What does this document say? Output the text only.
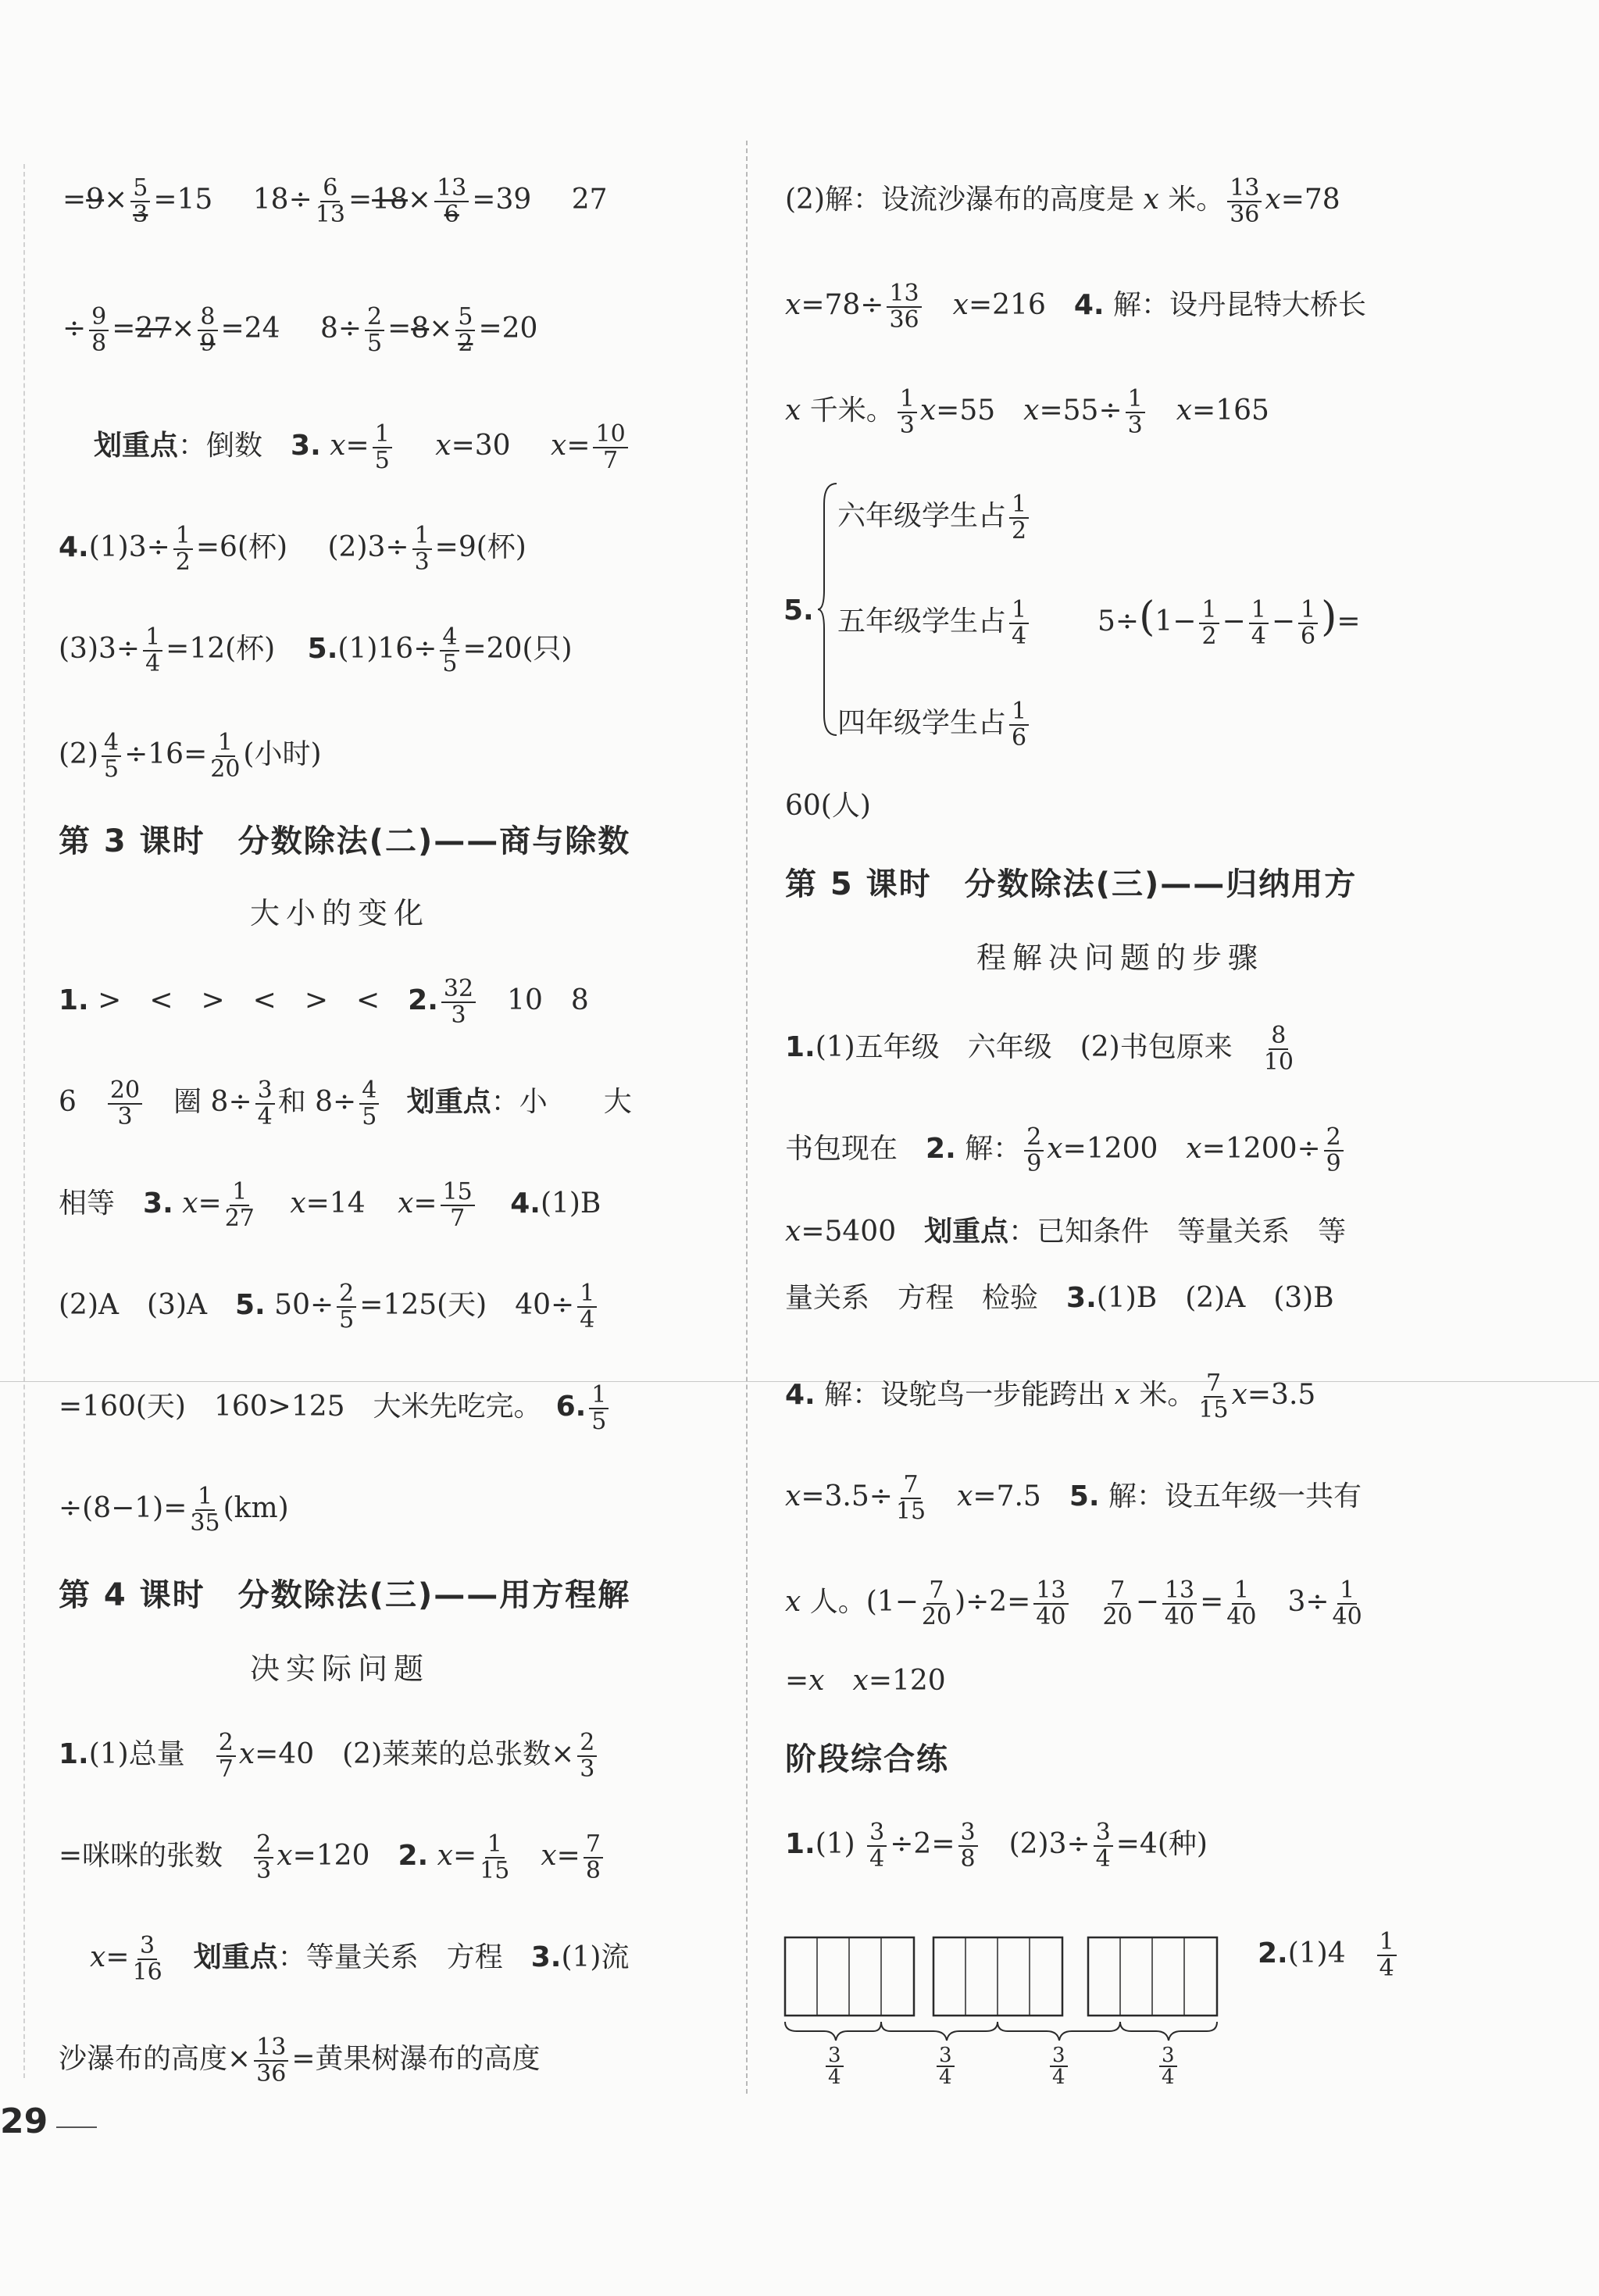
$=9\times \frac{5}{3} =15$ $18\div \frac{6}{13} =18\times \frac{13}{6} =39$ 27
÷ $\frac{9}{8} =27\times \frac{8}{9} =24$ $8\div \frac{2}{5} =8\times \frac{5}{2} =20$
划重点：倒数　3. $x= \frac{1}{5} x=30$ $x= \frac{10}{7}$
$4.(1)3\div \frac{1}{2} =6$(杯) $(2)3\div \frac{1}{3} =9$(杯)
$(3)3\div \frac{1}{4} =12$(杯) $5.(1)16\div \frac{4}{5} =20$(只)
$(2) \frac{4}{5} \div 16= \frac{1}{20}$ (小时)
第 3 课时　分数除法(二)——商与除数
大小的变化
1. >　<　>　<　>　<　2. $\frac{32}{3}$ 　10　8
6　 $\frac{20}{3}$ 　圈 $8\div \frac{3}{4}$ 和 $8\div \frac{4}{5}$ 划重点：小　　大
相等　3. $x= \frac{1}{27} x=14$ $x= \frac{15}{7} 4.(1)B$
(2)A　(3)A　5. $50\div \frac{2}{5} =125$(天)　$40\div \frac{1}{4}$
=160(天)　160>125　大米先吃完。　6. $\frac{1}{5}$
$\div(8-1)= \frac{1}{35} (km)$
第 4 课时　分数除法(三)——用方程解
决实际问题
1.(1)总量　 $\frac{2}{7} x=40$　(2)莱莱的总张数× $\frac{2}{3}$
=咪咪的张数　 $\frac{2}{3} x=120$　2. $x= \frac{1}{15}$
　 $x= \frac{7}{8}$
$x= \frac{3}{16}$
　 划重点：等量关系　方程　3.(1)流
沙瀑布的高度× $\frac{13}{36}$ =黄果树瀑布的高度
(2)解：设流沙瀑布的高度是 x 米。 $\frac{13}{36} x=78$
$x=78\div \frac{13}{36}$
　 x=216　4. 解：设丹昆特大桥长
x 千米。 $\frac{1}{3} x=55$　$x=55\div \frac{1}{3}$
　 x=165
5.
六年级学生占 $\frac{1}{2}$
五年级学生占 $\frac{1}{4}$
四年级学生占 $\frac{1}{6}$
$5\div(1- \frac{1}{2} - \frac{1}{4} - \frac{1}{6}$ )=
60(人)
第 5 课时　分数除法(三)——归纳用方
程解决问题的步骤
1.(1)五年级　六年级　(2)书包原来　 $\frac{8}{10}$
书包现在　2. 解： $\frac{2}{9} x=1200$　$x=1200\div \frac{2}{9}$
x=5400　划重点：已知条件　等量关系　等
量关系　方程　检验　3.(1)B　(2)A　(3)B
4. 解：设鸵鸟一步能跨出 x 米。 $\frac{7}{15} x=3.5$
$x=3.5\div \frac{7}{15}$
　 x=7.5　5. 解：设五年级一共有
x 人。$(1- \frac{7}{20} )\div 2= \frac{13}{40}$
　 $\frac{7}{20} - \frac{13}{40} = \frac{1}{40}$ 　$3\div \frac{1}{40}$
=x　 x=120
阶段综合练
$1.(1) \frac{3}{4} \div 2= \frac{3}{8}$ 　$(2)3\div \frac{3}{4} =4$(种)
$\frac{3}{4}$	$\frac{3}{4}$	$\frac{3}{4}$	$\frac{3}{4}$
2.(1)4　 $\frac{1}{4}$
29
